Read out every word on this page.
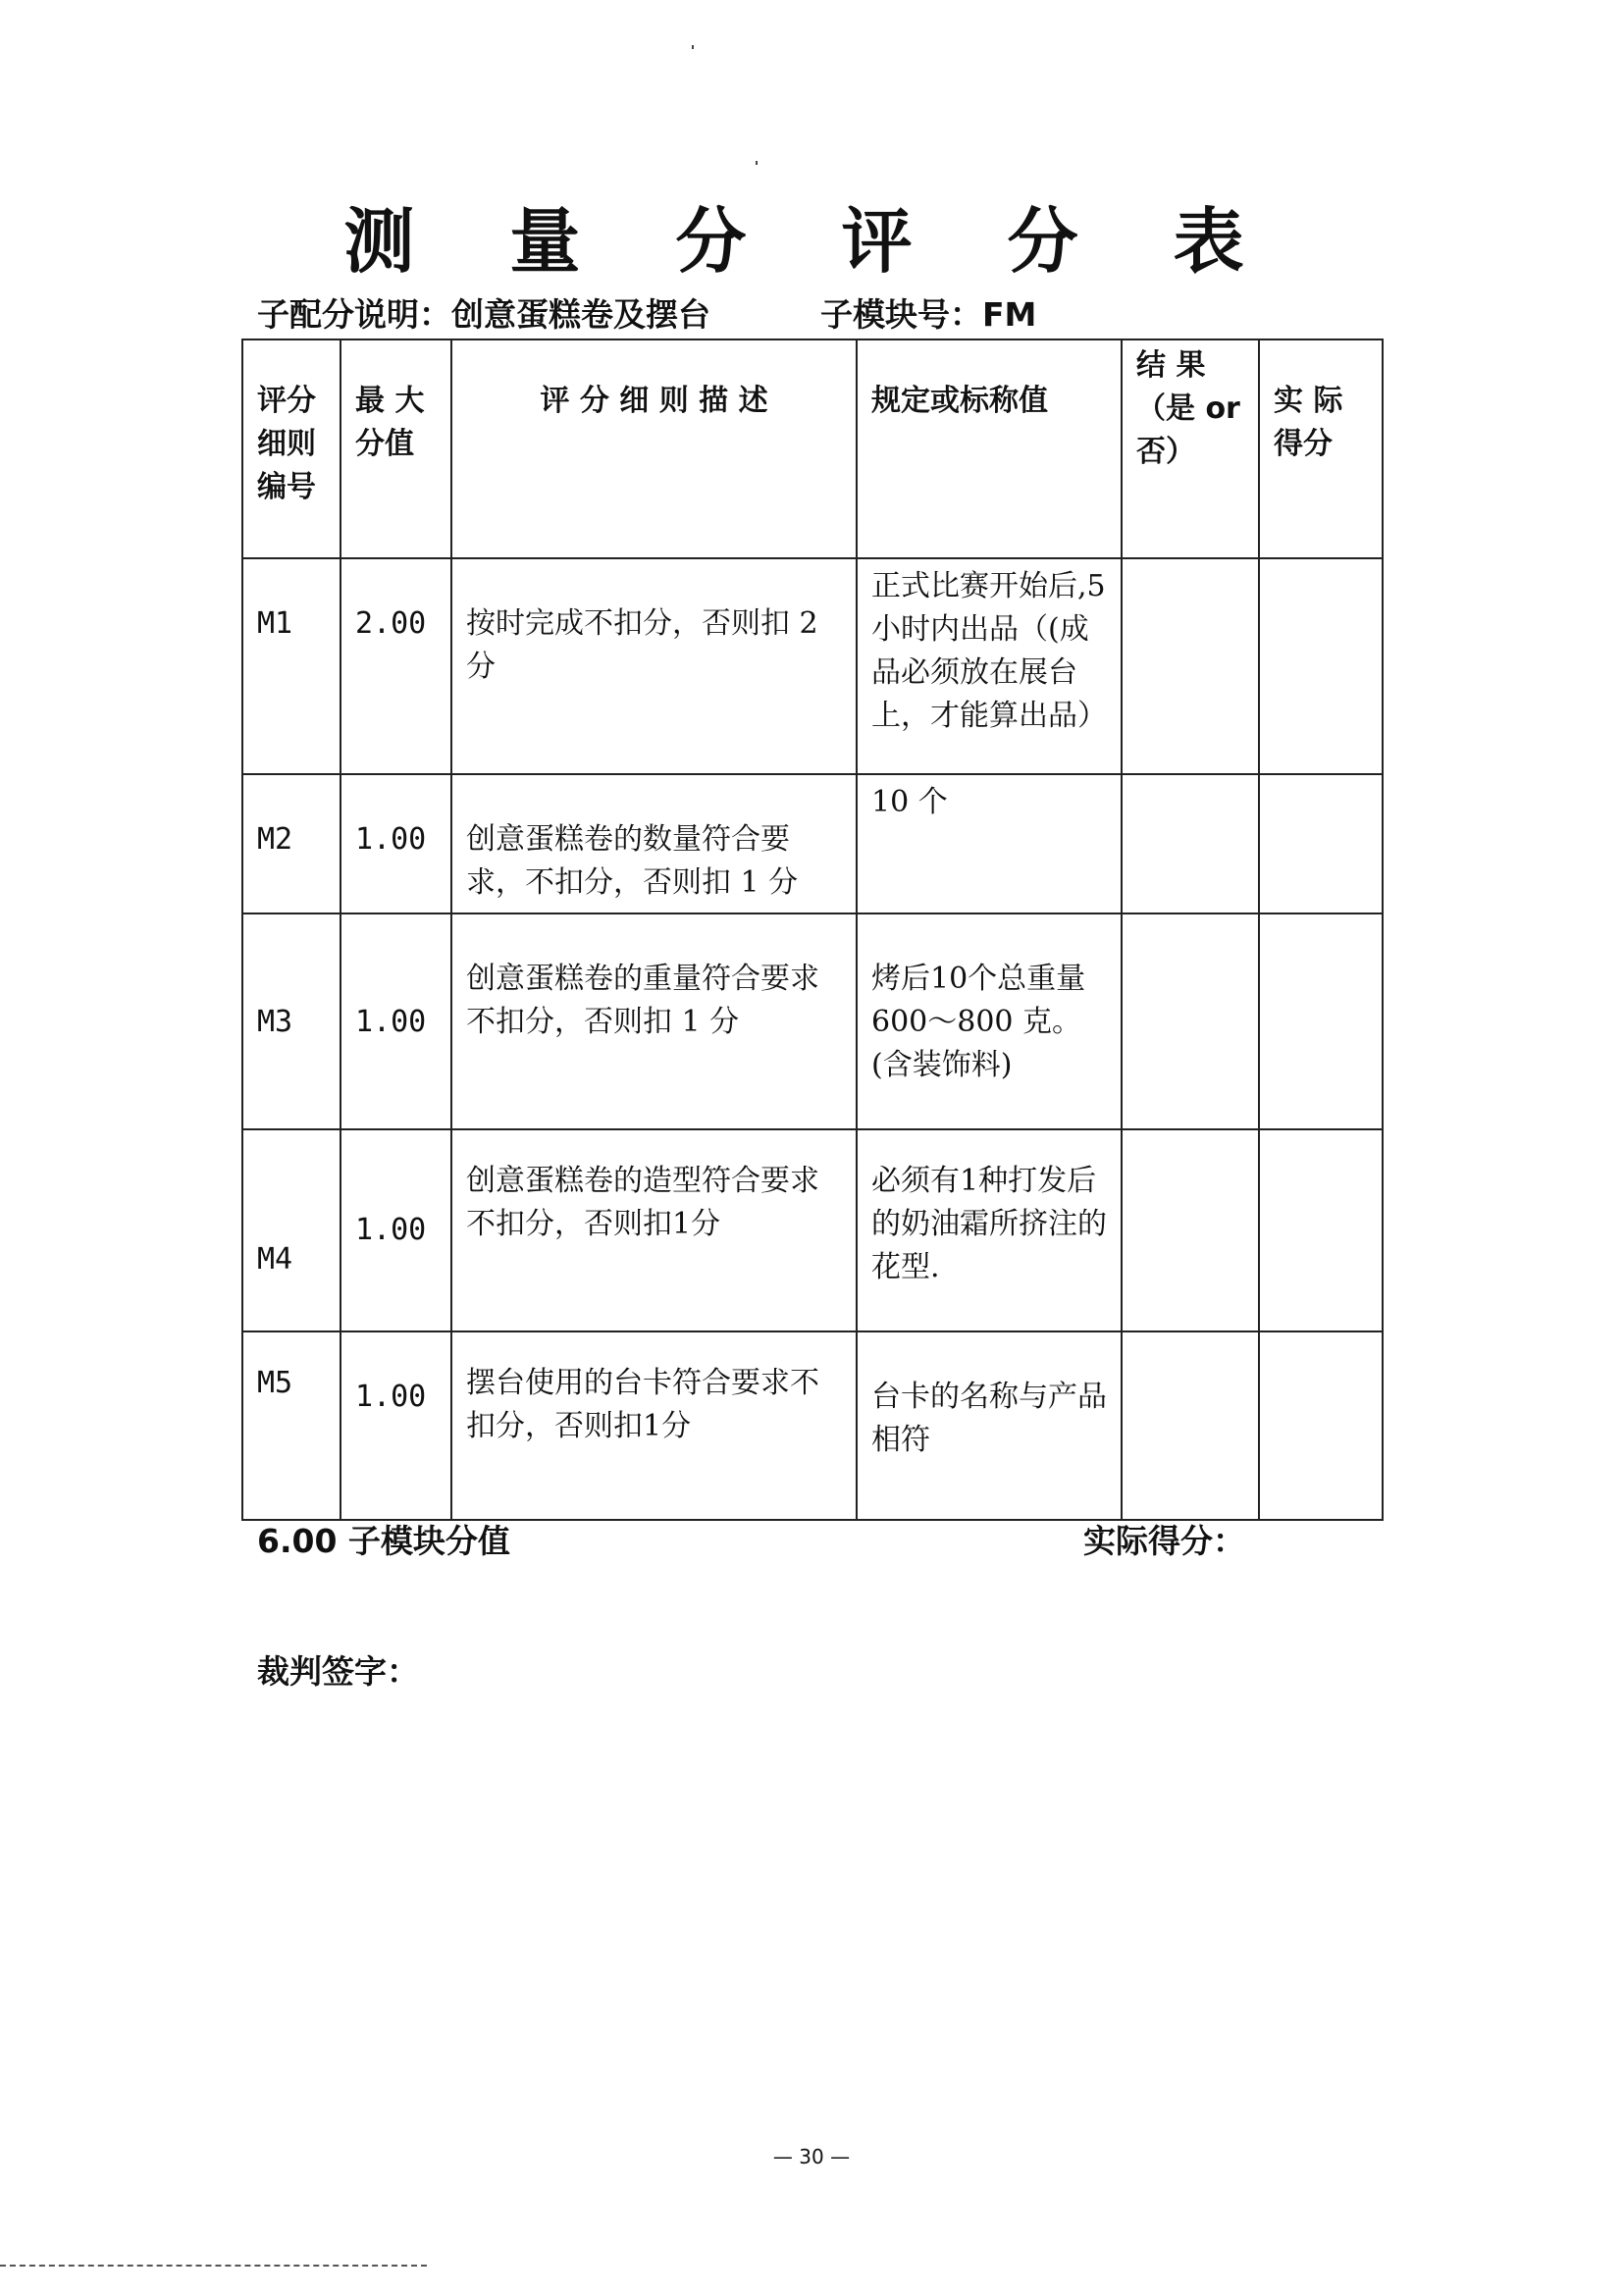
测 量 分 评 分 表
子配分说明：创意蛋糕卷及摆台	子模块号：FM
评分细则编号	最 大分值	评 分 细 则 描 述	规定或标称值	结 果（是 or 否）	实 际得分
M1	2.00	按时完成不扣分，否则扣 2 分	正式比赛开始后,5 小时内出品（(成品必须放在展台上，才能算出品）		
M2	1.00	创意蛋糕卷的数量符合要求，不扣分，否则扣 1 分	10 个		
M3	1.00	创意蛋糕卷的重量符合要求不扣分，否则扣 1 分	烤后10个总重量600～800 克。(含装饰料)		
M4	1.00	创意蛋糕卷的造型符合要求不扣分，否则扣1分	必须有1种打发后的奶油霜所挤注的花型.		
M5	1.00	摆台使用的台卡符合要求不扣分，否则扣1分	台卡的名称与产品相符		
6.00 子模块分值	实际得分：
裁判签字：
— 30 —
